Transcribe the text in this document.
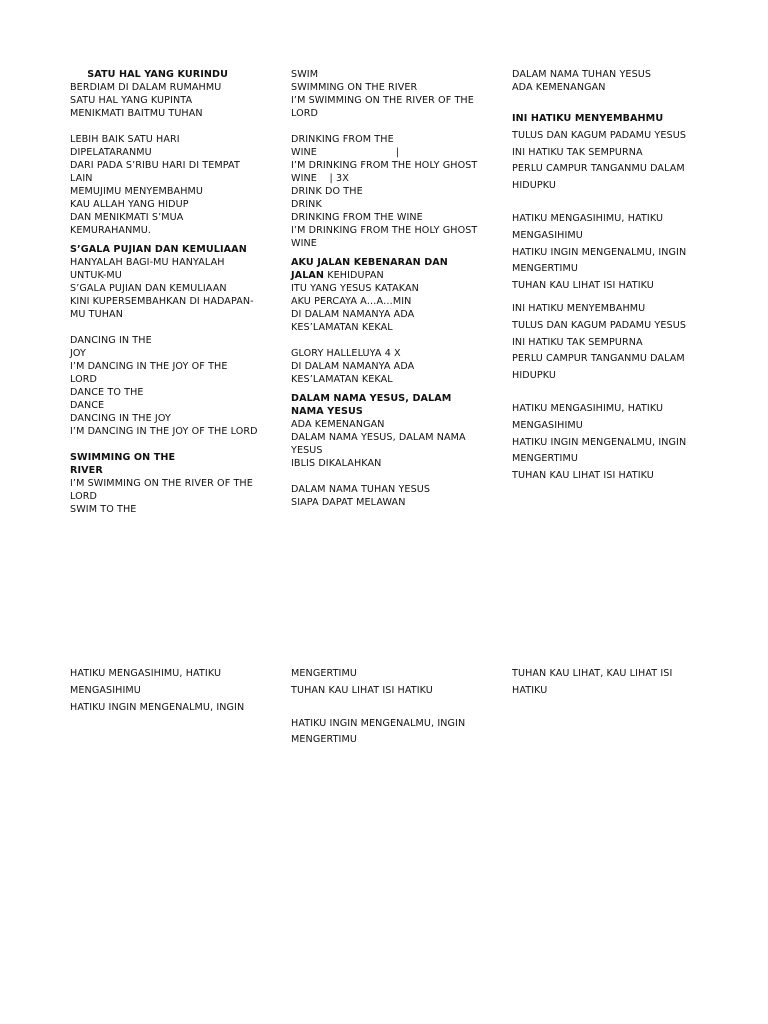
SATU HAL YANG KURINDU
BERDIAM DI DALAM RUMAHMU
SATU HAL YANG KUPINTA
MENIKMATI BAITMU TUHAN
LEBIH BAIK SATU HARI
DIPELATARANMU
DARI PADA S’RIBU HARI DI TEMPAT
LAIN
MEMUJIMU MENYEMBAHMU
KAU ALLAH YANG HIDUP
DAN MENIKMATI S’MUA
KEMURAHANMU.
S’GALA PUJIAN DAN KEMULIAAN
HANYALAH BAGI-MU HANYALAH
UNTUK-MU
S’GALA PUJIAN DAN KEMULIAAN
KINI KUPERSEMBAHKAN DI HADAPAN-
MU TUHAN
DANCING IN THE
JOY
I’M DANCING IN THE JOY OF THE
LORD
DANCE TO THE
DANCE
DANCING IN THE JOY
I’M DANCING IN THE JOY OF THE LORD
SWIMMING ON THE
RIVER
I’M SWIMMING ON THE RIVER OF THE
LORD
SWIM TO THE
SWIM
SWIMMING ON THE RIVER
I’M SWIMMING ON THE RIVER OF THE
LORD
DRINKING FROM THE
WINE                         |
I’M DRINKING FROM THE HOLY GHOST
WINE    | 3X
DRINK DO THE
DRINK
DRINKING FROM THE WINE
I’M DRINKING FROM THE HOLY GHOST
WINE
AKU JALAN KEBENARAN DAN
JALAN KEHIDUPAN
ITU YANG YESUS KATAKAN
AKU PERCAYA A…A…MIN
DI DALAM NAMANYA ADA
KES’LAMATAN KEKAL
GLORY HALLELUYA 4 X
DI DALAM NAMANYA ADA
KES’LAMATAN KEKAL
DALAM NAMA YESUS, DALAM
NAMA YESUS
ADA KEMENANGAN
DALAM NAMA YESUS, DALAM NAMA
YESUS
IBLIS DIKALAHKAN
DALAM NAMA TUHAN YESUS
SIAPA DAPAT MELAWAN
DALAM NAMA TUHAN YESUS
ADA KEMENANGAN
INI HATIKU MENYEMBAHMU
TULUS DAN KAGUM PADAMU YESUS
INI HATIKU TAK SEMPURNA
PERLU CAMPUR TANGANMU DALAM
HIDUPKU
HATIKU MENGASIHIMU, HATIKU
MENGASIHIMU
HATIKU INGIN MENGENALMU, INGIN
MENGERTIMU
TUHAN KAU LIHAT ISI HATIKU
INI HATIKU MENYEMBAHMU
TULUS DAN KAGUM PADAMU YESUS
INI HATIKU TAK SEMPURNA
PERLU CAMPUR TANGANMU DALAM
HIDUPKU
HATIKU MENGASIHIMU, HATIKU
MENGASIHIMU
HATIKU INGIN MENGENALMU, INGIN
MENGERTIMU
TUHAN KAU LIHAT ISI HATIKU
HATIKU MENGASIHIMU, HATIKU
MENGASIHIMU
HATIKU INGIN MENGENALMU, INGIN
MENGERTIMU
TUHAN KAU LIHAT ISI HATIKU
HATIKU INGIN MENGENALMU, INGIN
MENGERTIMU
TUHAN KAU LIHAT, KAU LIHAT ISI
HATIKU
